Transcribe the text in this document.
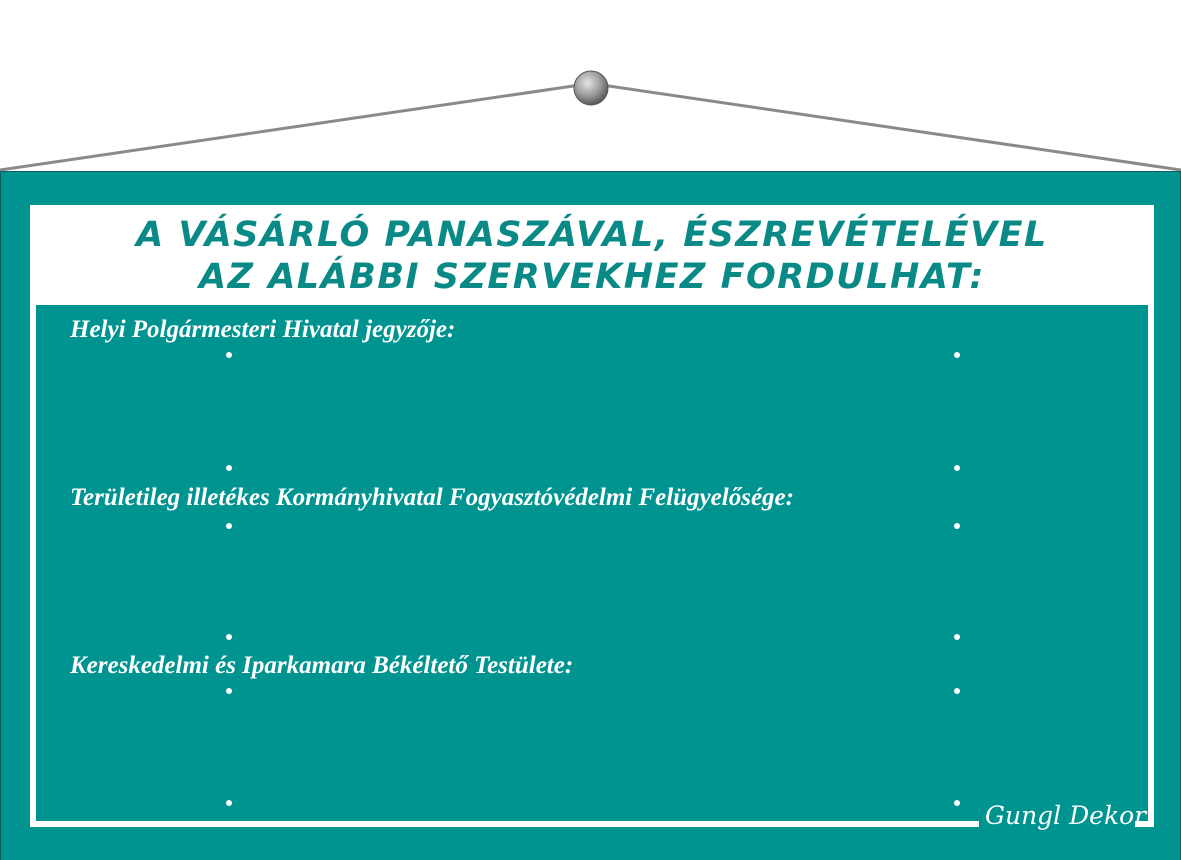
A VÁSÁRLÓ PANASZÁVAL, ÉSZREVÉTELÉVEL
AZ ALÁBBI SZERVEKHEZ FORDULHAT:
Helyi Polgármesteri Hivatal jegyzője:
Területileg illetékes Kormányhivatal Fogyasztóvédelmi Felügyelősége:
Kereskedelmi és Iparkamara Békéltető Testülete:
Gungl Dekor
